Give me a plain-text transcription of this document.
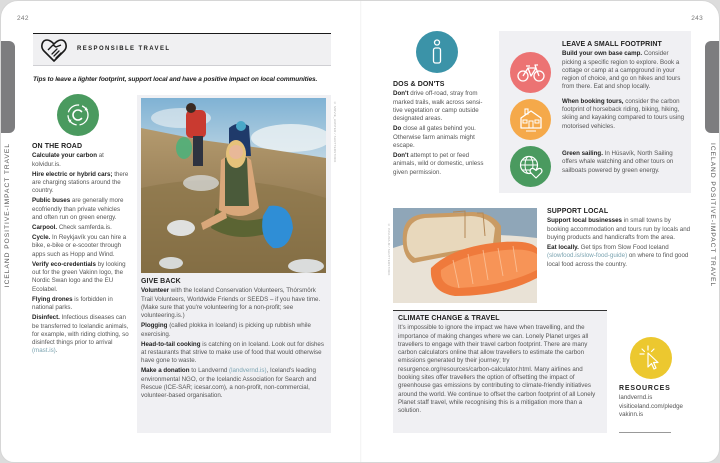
242	243
ICELAND POSITIVE-IMPACT TRAVEL	ICELAND POSITIVE-IMPACT TRAVEL
RESPONSIBLE TRAVEL
Tips to leave a lighter footprint, support local and have a positive impact on local communities.
ON THE ROAD

Calculate your carbon at kolvidur.is.

Hire electric or hybrid cars; there are charging stations around the country.

Public buses are generally more ecofriendly than private vehicles and often run on green energy.

Carpool. Check samferda.is.

Cycle. In Reykjavík you can hire a bike, e-bike or e-scooter through apps such as Hopp and Wind.

Verify eco-credentials by looking out for the green Vakinn logo, the Nordic Swan logo and the EU Ecolabel.

Flying drones is forbidden in national parks.

Disinfect. Infectious diseases can be transferred to Icelandic animals, for example, with riding clothing, so disinfect things prior to arrival (mast.is).

© MOVIE_HUNTER / SHUTTERSTOCK
GIVE BACK

Volunteer with the Iceland Conservation Volunteers, Thórsmörk Trail Volunteers, Worldwide Friends or SEEDS – if you have time. (Make sure that you're volunteering for a non-profit; see volunteering.is.)

Plogging (called plokka in Iceland) is picking up rubbish while exercising.

Head-to-tail cooking is catching on in Iceland. Look out for dishes at restaurants that strive to make use of food that would otherwise have gone to waste.

Make a donation to Landvernd (landvernd.is), Iceland's leading environmental NGO, or the Icelandic Association for Search and Rescue (ICE-SAR; icesar.com), a non-profit, non-commercial, volunteer-based organisation.

DOS & DON'TS

Don't drive off-road, stray from marked trails, walk across sensi-tive vegetation or camp outside designated areas.

Do close all gates behind you. Otherwise farm animals might escape.

Don't attempt to pet or feed animals, wild or domestic, unless given permission.

LEAVE A SMALL FOOTPRINT

Build your own base camp. Consider picking a specific region to explore. Book a cottage or camp at a campground in your region of choice, and go on hikes and tours from there. Eat and shop locally.

When booking tours, consider the carbon footprint of horseback riding, biking, hiking, skiing and kayaking compared to tours using motorised vehicles.

Green sailing. In Húsavík, North Sailing offers whale watching and other tours on sailboats powered by green energy.

© PAVLINA.M / SHUTTERSTOCK
SUPPORT LOCAL

Support local businesses in small towns by booking accommodation and tours run by locals and buying products and handicrafts from the area.

Eat locally. Get tips from Slow Food Iceland (slowfood.is/slow-food-guide) on where to find good local food across the country.

CLIMATE CHANGE & TRAVEL

It's impossible to ignore the impact we have when travelling, and the importance of making changes where we can. Lonely Planet urges all travellers to engage with their travel carbon footprint. There are many carbon calculators online that allow travellers to estimate the carbon emissions generated by their journey; try resurgence.org/resources/carbon-calculator.html. Many airlines and booking sites offer travellers the option of offsetting the impact of greenhouse gas emissions by contributing to climate-friendly initiatives around the world. We continue to offset the carbon footprint of all Lonely Planet staff travel, while recognising this is a mitigation more than a solution.

RESOURCES

landvernd.is

visiticeland.com/pledge

vakinn.is
